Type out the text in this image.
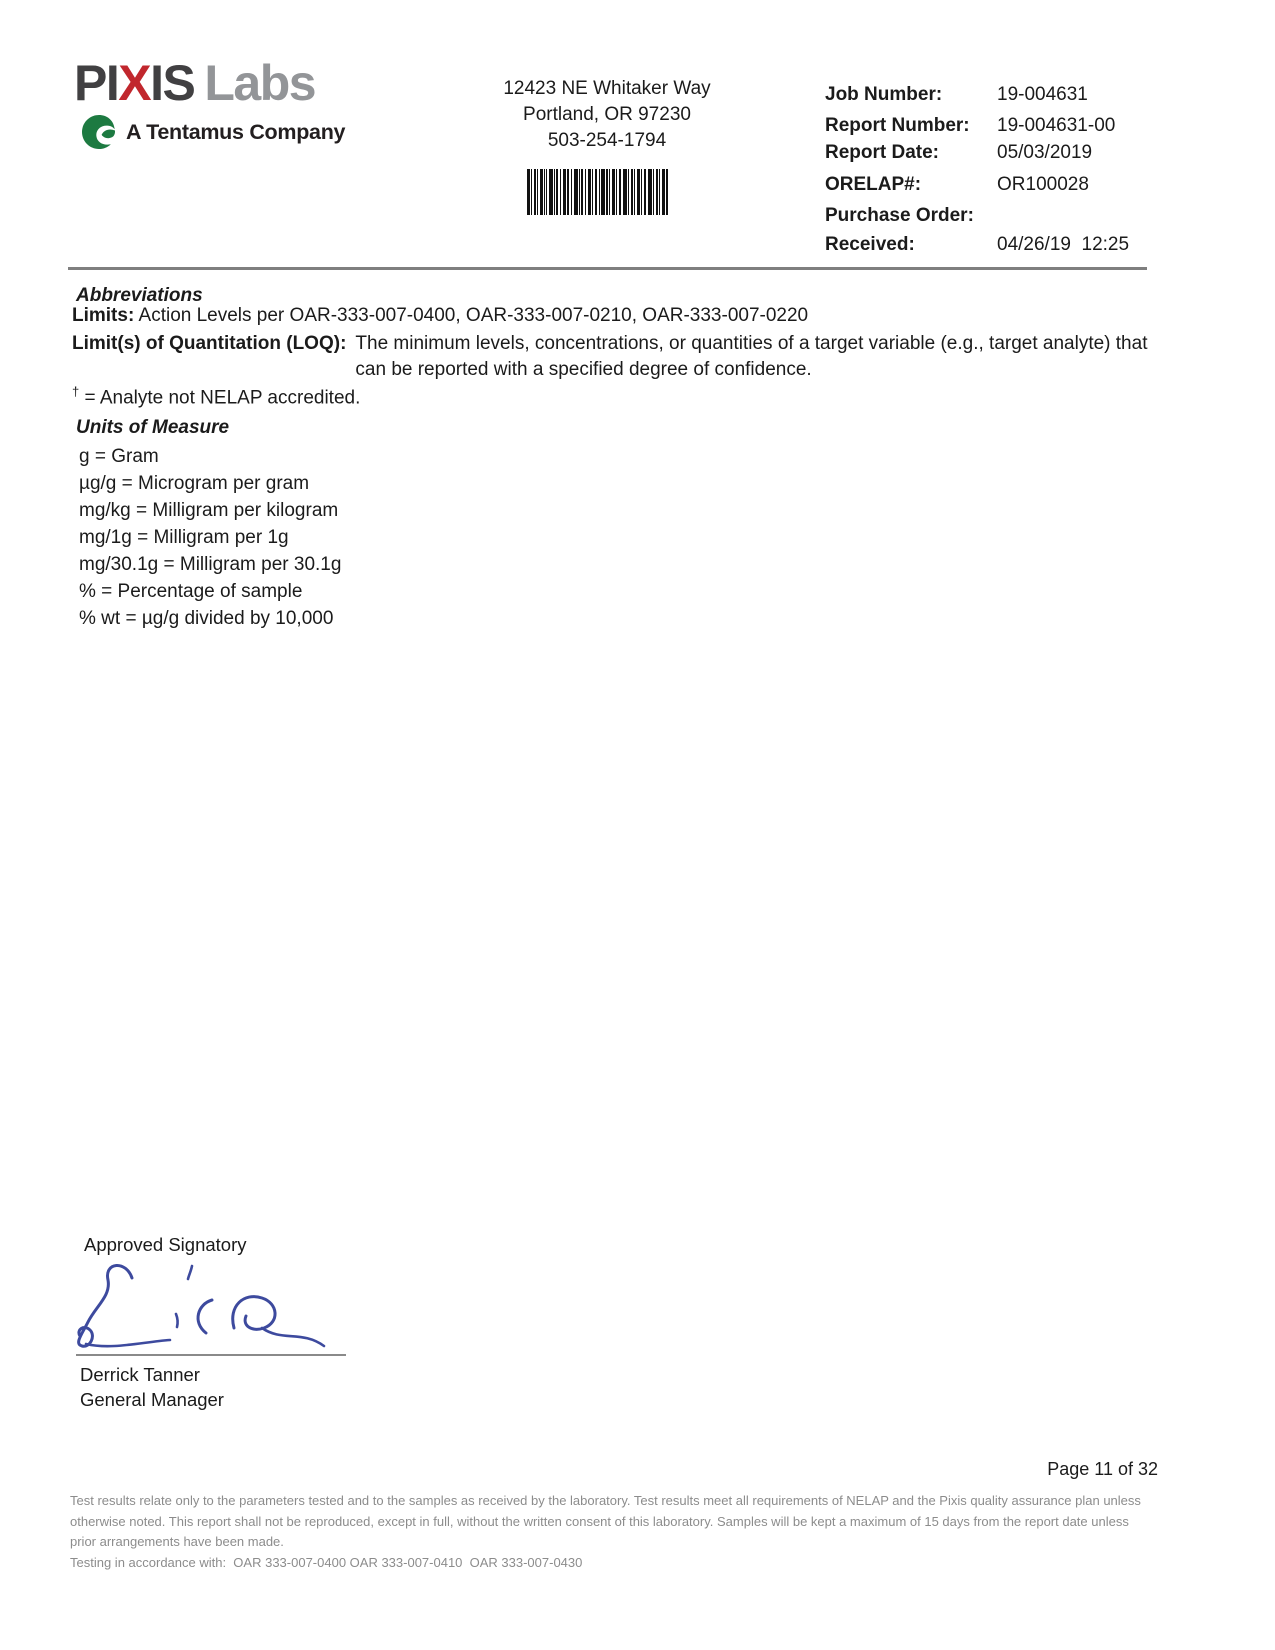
PIXIS Labs
A Tentamus Company
12423 NE Whitaker Way
Portland, OR 97230
503-254-1794
Job Number:	19-004631
Report Number:	19-004631-00
Report Date:	05/03/2019
ORELAP#:	OR100028
Purchase Order:
Received:	04/26/19  12:25
Abbreviations
Limits: Action Levels per OAR-333-007-0400, OAR-333-007-0210, OAR-333-007-0220
Limit(s) of Quantitation (LOQ): The minimum levels, concentrations, or quantities of a target variable (e.g., target analyte) that can be reported with a specified degree of confidence.
† = Analyte not NELAP accredited.
Units of Measure
g = Gram
µg/g = Microgram per gram
mg/kg = Milligram per kilogram
mg/1g = Milligram per 1g
mg/30.1g = Milligram per 30.1g
% = Percentage of sample
% wt = µg/g divided by 10,000
Approved Signatory
Derrick Tanner
General Manager
Page 11 of 32
Test results relate only to the parameters tested and to the samples as received by the laboratory. Test results meet all requirements of NELAP and the Pixis quality assurance plan unless otherwise noted. This report shall not be reproduced, except in full, without the written consent of this laboratory. Samples will be kept a maximum of 15 days from the report date unless prior arrangements have been made.
Testing in accordance with:  OAR 333-007-0400 OAR 333-007-0410  OAR 333-007-0430
